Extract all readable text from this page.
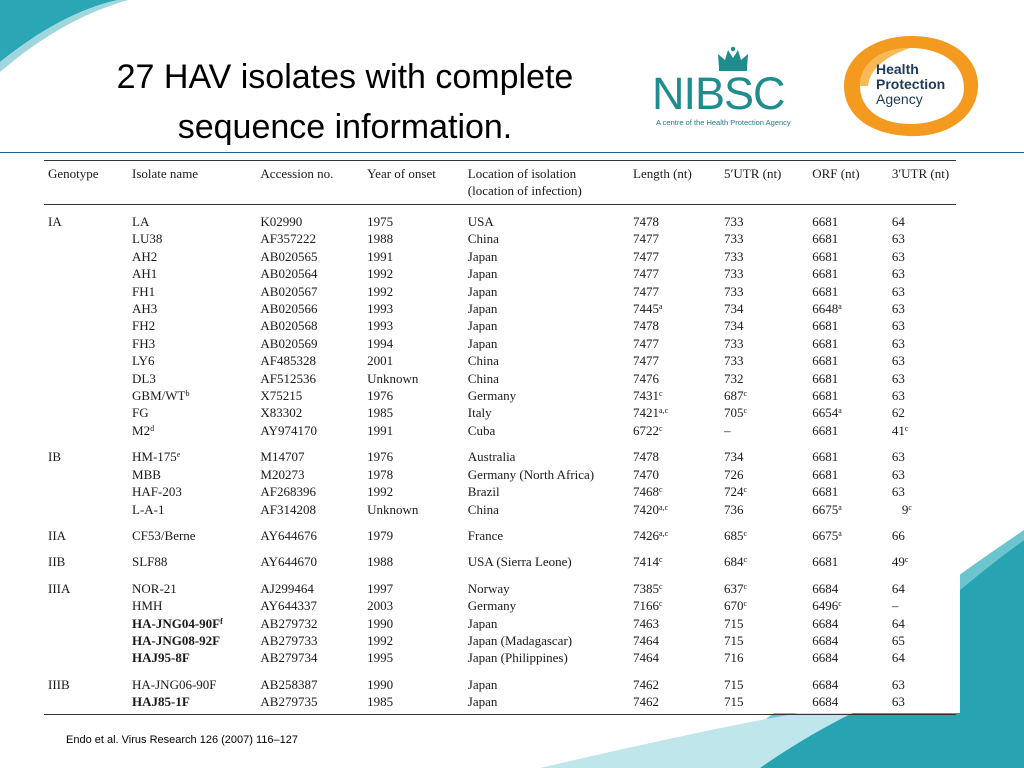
27 HAV isolates with complete
sequence information.
NIBSC
A centre of the Health Protection Agency
Health
Protection
Agency
Genotype	Isolate name	Accession no.	Year of onset	Location of isolation
(location of infection)	Length (nt)	5′UTR (nt)	ORF (nt)	3′UTR (nt)

IA	LA	K02990	1975	USA	7478	733	6681	64
	LU38	AF357222	1988	China	7477	733	6681	63
	AH2	AB020565	1991	Japan	7477	733	6681	63
	AH1	AB020564	1992	Japan	7477	733	6681	63
	FH1	AB020567	1992	Japan	7477	733	6681	63
	AH3	AB020566	1993	Japan	7445$^a$	734	6648$^a$	63
	FH2	AB020568	1993	Japan	7478	734	6681	63
	FH3	AB020569	1994	Japan	7477	733	6681	63
	LY6	AF485328	2001	China	7477	733	6681	63
	DL3	AF512536	Unknown	China	7476	732	6681	63
	GBM/$WT^b$	X75215	1976	Germany	7431$^c$	687$^c$	6681	63
	FG	X83302	1985	Italy	7421$^{a,c}$	705$^c$	6654$^a$	62
	M2$^d$	AY974170	1991	Cuba	6722$^c$	–	6681	41$^c$
IB	HM-175e	M14707	1976	Australia	7478	734	6681	63
	MBB	M20273	1978	Germany (North Africa)	7470	726	6681	63
	HAF-203	AF268396	1992	Brazil	7468$^c$	724$^c$	6681	63
	L-A-1	AF314208	Unknown	China	7420$^{a,c}$	736	6675$^a$	9$^c$
IIA	CF53/Berne	AY644676	1979	France	7426$^{a,c}$	685$^c$	6675$^a$	66
IIB	SLF88	AY644670	1988	USA (Sierra Leone)	7414$^c$	684$^c$	6681	49$^c$
IIIA	NOR-21	AJ299464	1997	Norway	7385$^c$	637$^c$	6684	64
	HMH	AY644337	2003	Germany	7166$^c$	670$^c$	6496$^c$	–
	$HA-JNG04-90F^f$	AB279732	1990	Japan	7463	715	6684	64
	HA-JNG08-92F	AB279733	1992	Japan (Madagascar)	7464	715	6684	65
	HAJ95-8F	AB279734	1995	Japan (Philippines)	7464	716	6684	64
IIIB	HA-JNG06-90F	AB258387	1990	Japan	7462	715	6684	63
	HAJ85-1F	AB279735	1985	Japan	7462	715	6684	63
Endo et al. Virus Research 126 (2007) 116–127
